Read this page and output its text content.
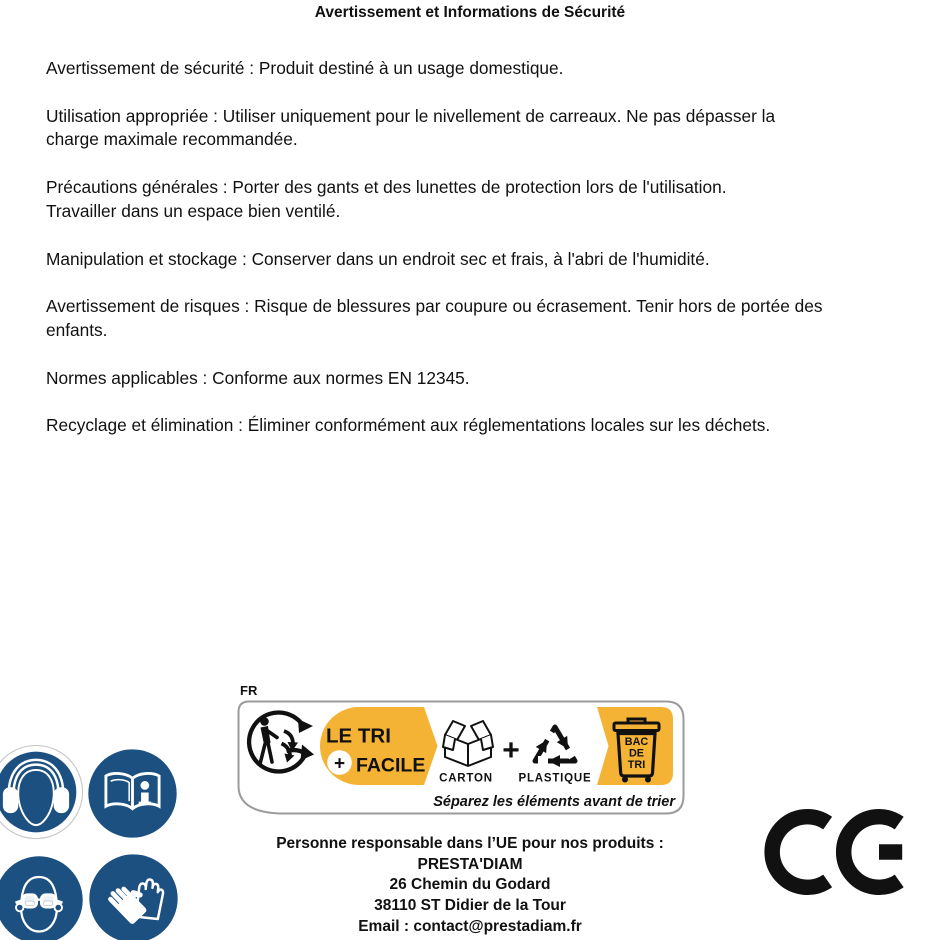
Avertissement et Informations de Sécurité

Avertissement de sécurité : Produit destiné à un usage domestique.

Utilisation appropriée : Utiliser uniquement pour le nivellement de carreaux. Ne pas dépasser la
charge maximale recommandée.

Précautions générales : Porter des gants et des lunettes de protection lors de l'utilisation.
Travailler dans un espace bien ventilé.

Manipulation et stockage : Conserver dans un endroit sec et frais, à l'abri de l'humidité.

Avertissement de risques : Risque de blessures par coupure ou écrasement. Tenir hors de portée des
enfants.

Normes applicables : Conforme aux normes EN 12345.

Recyclage et élimination : Éliminer conformément aux réglementations locales sur les déchets.

FR
LE TRI
+ FACILE
CARTON
+
PLASTIQUE
BAC
DE
TRI
Séparez les éléments avant de trier
Personne responsable dans l’UE pour nos produits :
PRESTA'DIAM
26 Chemin du Godard
38110 ST Didier de la Tour
Email : contact@prestadiam.fr
